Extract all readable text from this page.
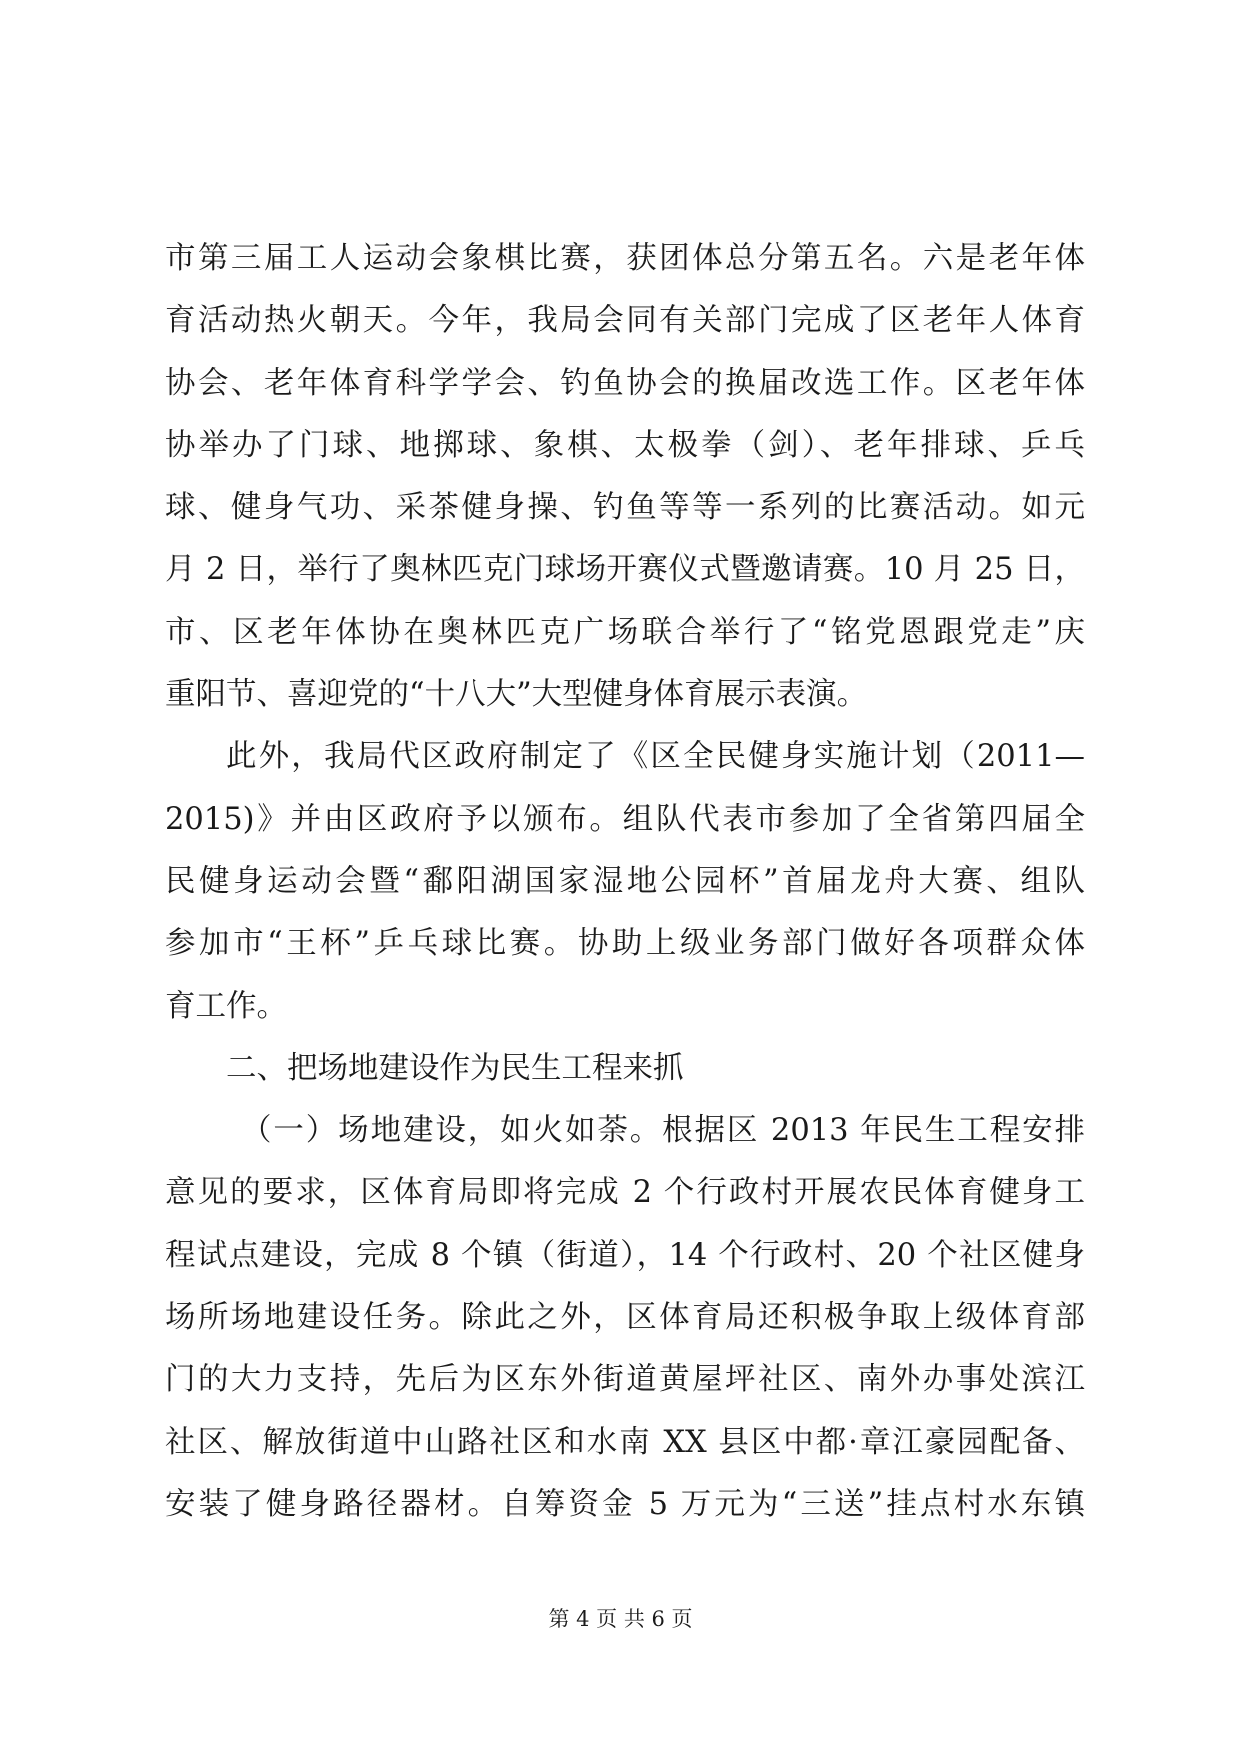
市第三届工人运动会象棋比赛，获团体总分第五名。六是老年体
育活动热火朝天。今年，我局会同有关部门完成了区老年人体育
协会、老年体育科学学会、钓鱼协会的换届改选工作。区老年体
协举办了门球、地掷球、象棋、太极拳（剑）、老年排球、乒乓
球、健身气功、采茶健身操、钓鱼等等一系列的比赛活动。如元
月 2 日，举行了奥林匹克门球场开赛仪式暨邀请赛。10 月 25 日，
市、区老年体协在奥林匹克广场联合举行了“铭党恩跟党走”庆
重阳节、喜迎党的“十八大”大型健身体育展示表演。
此外，我局代区政府制定了《区全民健身实施计划（2011—
2015)》并由区政府予以颁布。组队代表市参加了全省第四届全
民健身运动会暨“鄱阳湖国家湿地公园杯”首届龙舟大赛、组队
参加市“王杯”乒乓球比赛。协助上级业务部门做好各项群众体
育工作。
二、把场地建设作为民生工程来抓
（一）场地建设，如火如荼。根据区 2013 年民生工程安排
意见的要求，区体育局即将完成 2 个行政村开展农民体育健身工
程试点建设，完成 8 个镇（街道），14 个行政村、20 个社区健身
场所场地建设任务。除此之外，区体育局还积极争取上级体育部
门的大力支持，先后为区东外街道黄屋坪社区、南外办事处滨江
社区、解放街道中山路社区和水南 XX 县区中都·章江豪园配备、
安装了健身路径器材。自筹资金 5 万元为“三送”挂点村水东镇
第 4 页 共 6 页
